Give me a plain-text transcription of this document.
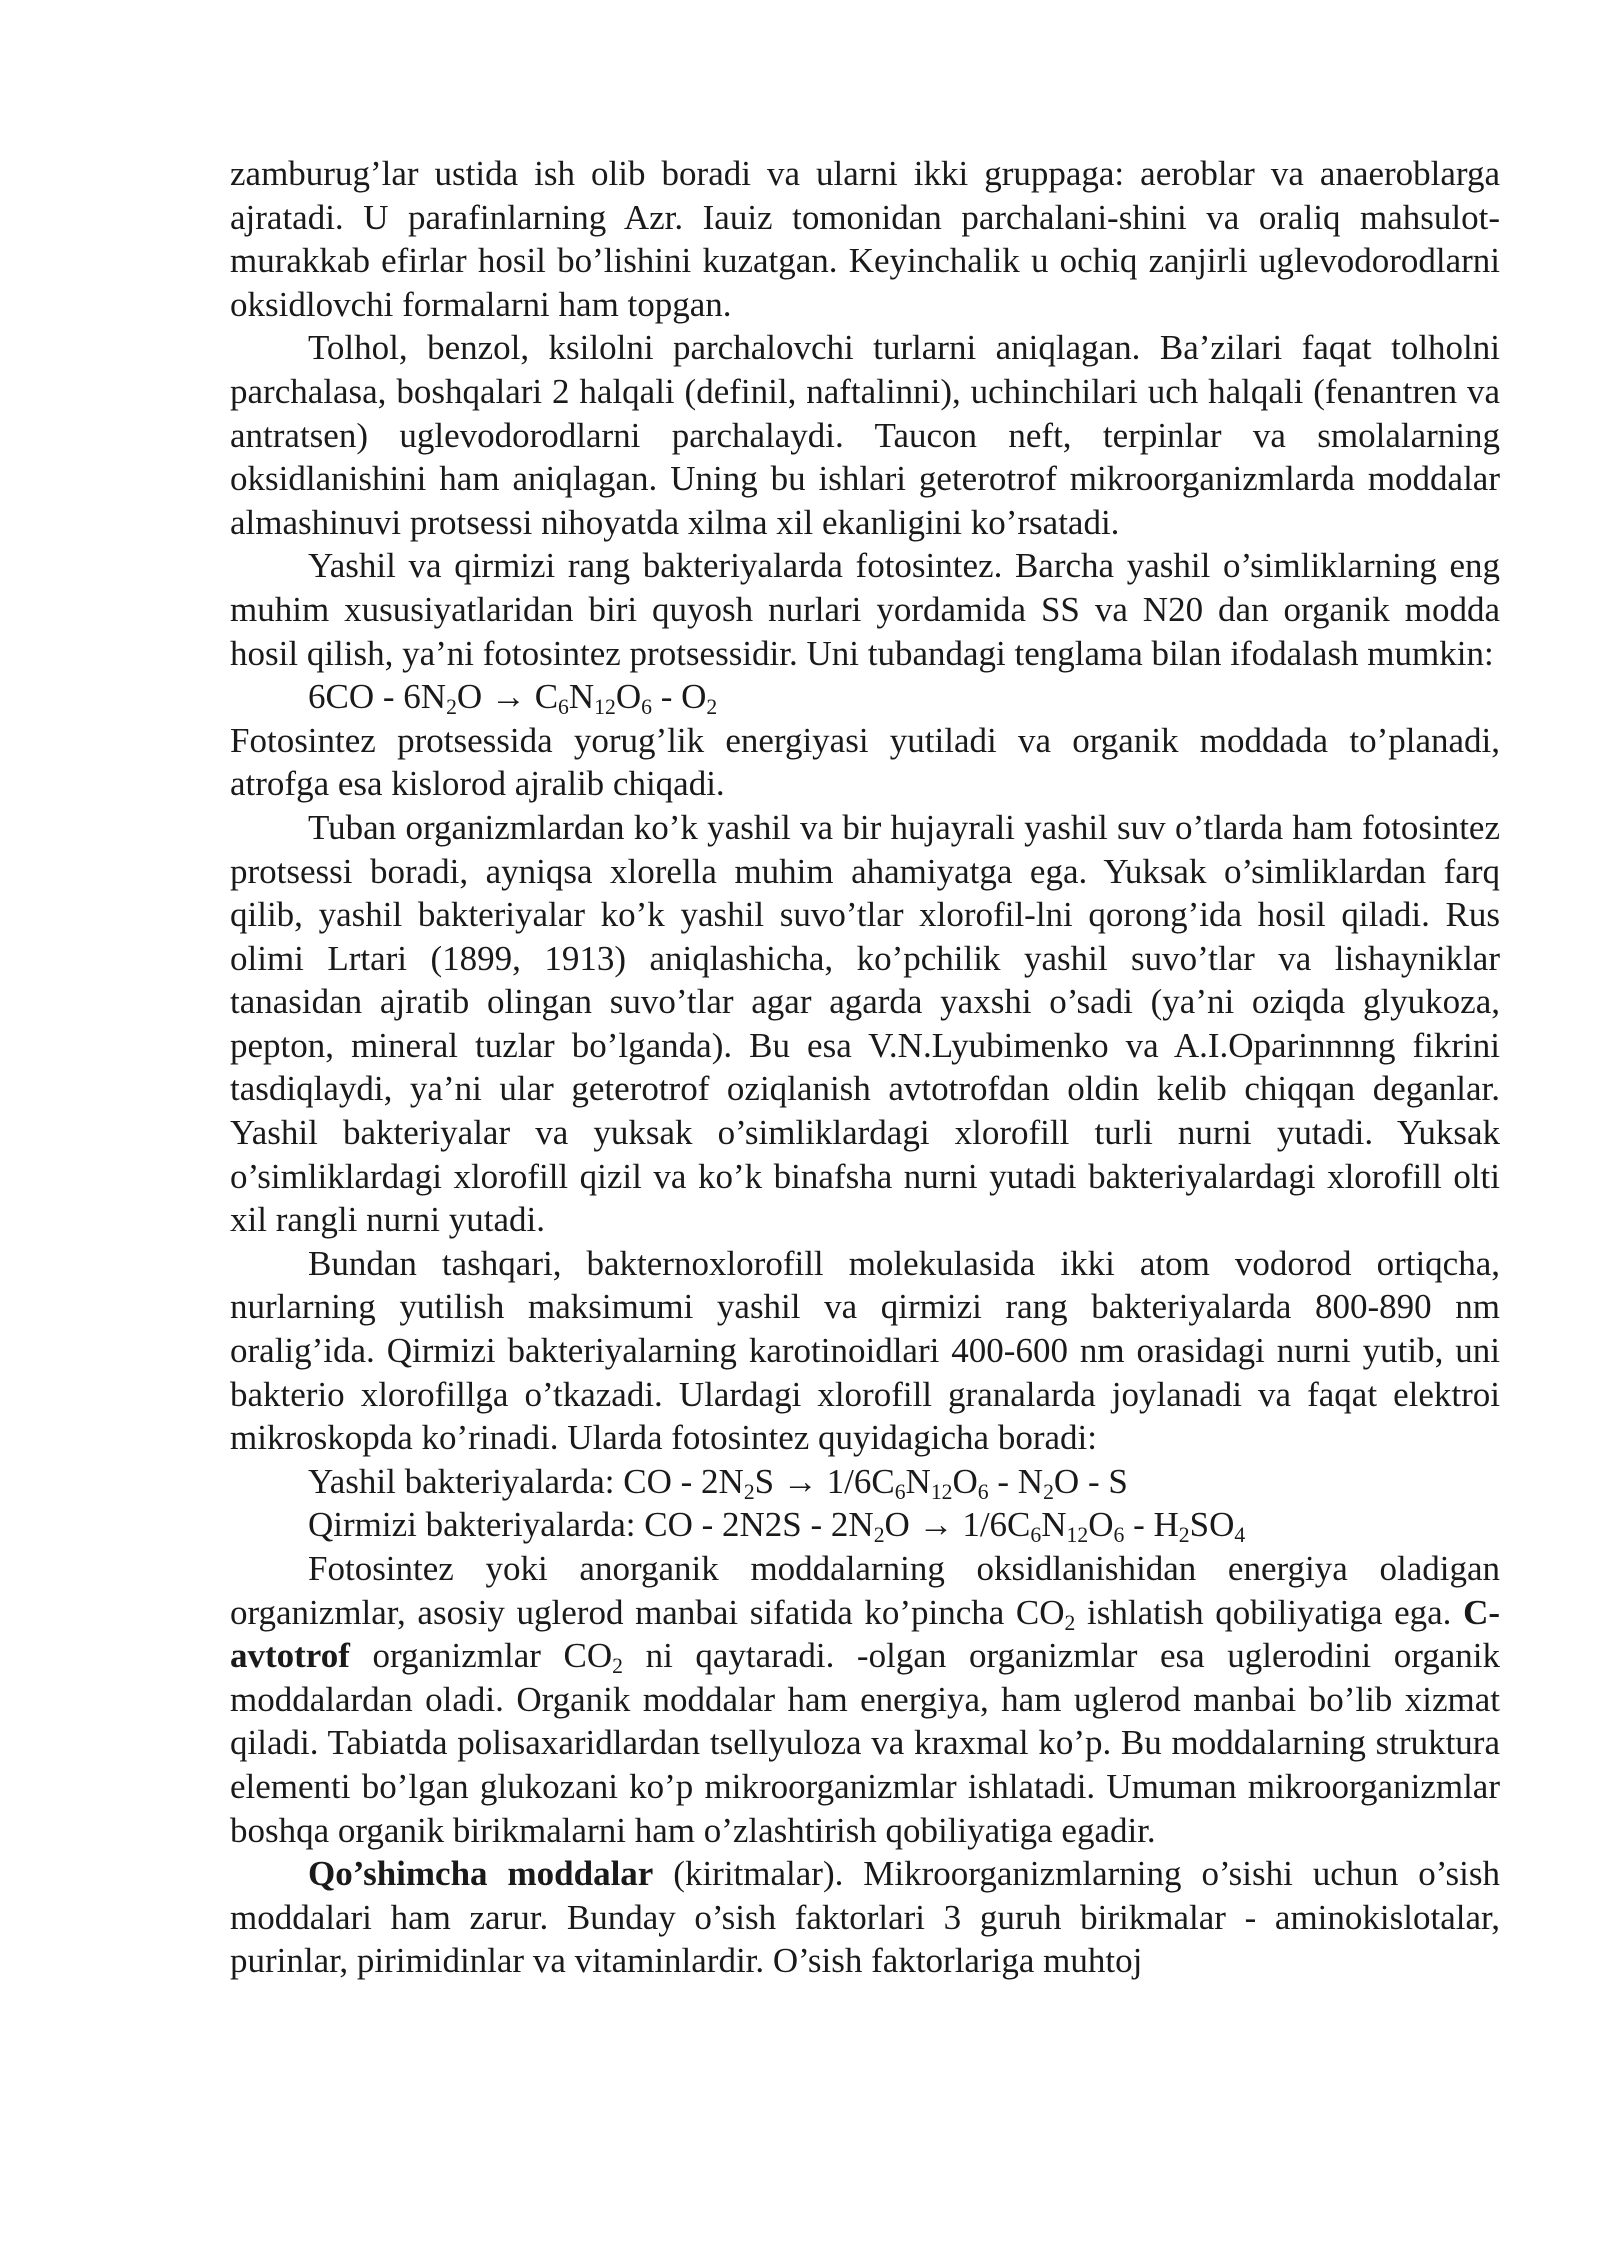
zamburug’lar ustida ish olib boradi va ularni ikki gruppaga: aeroblar va anaeroblarga ajratadi. U parafinlarning Azr. Iauiz tomonidan parchalani-shini va oraliq mahsulot-murakkab efirlar hosil bo’lishini kuzatgan. Keyinchalik u ochiq zanjirli uglevodorodlarni oksidlovchi formalarni ham topgan.

Tolhol, benzol, ksilolni parchalovchi turlarni aniqlagan. Ba’zilari faqat tolholni parchalasa, boshqalari 2 halqali (definil, naftalinni), uchinchilari uch halqali (fenantren va antratsen) uglevodorodlarni parchalaydi. Taucon neft, terpinlar va smolalarning oksidlanishini ham aniqlagan. Uning bu ishlari geterotrof mikroorganizmlarda moddalar almashinuvi protsessi nihoyatda xilma xil ekanligini ko’rsatadi.

Yashil va qirmizi rang bakteriyalarda fotosintez. Barcha yashil o’simliklarning eng muhim xususiyatlaridan biri quyosh nurlari yordamida SS va N20 dan organik modda hosil qilish, ya’ni fotosintez protsessidir. Uni tubandagi tenglama bilan ifodalash mumkin:

$6CO - 6N_2O \to C_6N_{12}O_6 - O_2$

Fotosintez protsessida yorug’lik energiyasi yutiladi va organik moddada to’planadi, atrofga esa kislorod ajralib chiqadi.

Tuban organizmlardan ko’k yashil va bir hujayrali yashil suv o’tlarda ham fotosintez protsessi boradi, ayniqsa xlorella muhim ahamiyatga ega. Yuksak o’simliklardan farq qilib, yashil bakteriyalar ko’k yashil suvo’tlar xlorofil-lni qorong’ida hosil qiladi. Rus olimi Lrtari (1899, 1913) aniqlashicha, ko’pchilik yashil suvo’tlar va lishayniklar tanasidan ajratib olingan suvo’tlar agar agarda yaxshi o’sadi (ya’ni oziqda glyukoza, pepton, mineral tuzlar bo’lganda). Bu esa V.N.Lyubimenko va A.I.Oparinnnng fikrini tasdiqlaydi, ya’ni ular geterotrof oziqlanish avtotrofdan oldin kelib chiqqan deganlar. Yashil bakteriyalar va yuksak o’simliklardagi xlorofill turli nurni yutadi. Yuksak o’simliklardagi xlorofill qizil va ko’k binafsha nurni yutadi bakteriyalardagi xlorofill olti xil rangli nurni yutadi.

Bundan tashqari, bakternoxlorofill molekulasida ikki atom vodorod ortiqcha, nurlarning yutilish maksimumi yashil va qirmizi rang bakteriyalarda 800-890 nm oralig’ida. Qirmizi bakteriyalarning karotinoidlari 400-600 nm orasidagi nurni yutib, uni bakterio xlorofillga o’tkazadi. Ulardagi xlorofill granalarda joylanadi va faqat elektroi mikroskopda ko’rinadi. Ularda fotosintez quyidagicha boradi:

Yashil bakteriyalarda: CO - $2N_2S \to 1/6C_6N_{12}O_6 - N_2O - S$

Qirmizi bakteriyalarda: CO - $2N2S - 2N_2O \to 1/6C_6N_{12}O_6 - H_2SO_4$

Fotosintez yoki anorganik moddalarning oksidlanishidan energiya oladigan organizmlar, asosiy uglerod manbai sifatida ko’pincha $CO_2$ ishlatish qobiliyatiga ega. C-avtotrof organizmlar $CO_2$ ni qaytaradi. -olgan organizmlar esa uglerodini organik moddalardan oladi. Organik moddalar ham energiya, ham uglerod manbai bo’lib xizmat qiladi. Tabiatda polisaxaridlardan tsellyuloza va kraxmal ko’p. Bu moddalarning struktura elementi bo’lgan glukozani ko’p mikroorganizmlar ishlatadi. Umuman mikroorganizmlar boshqa organik birikmalarni ham o’zlashtirish qobiliyatiga egadir.

Qo’shimcha moddalar (kiritmalar). Mikroorganizmlarning o’sishi uchun o’sish moddalari ham zarur. Bunday o’sish faktorlari 3 guruh birikmalar - aminokislotalar, purinlar, pirimidinlar va vitaminlardir. O’sish faktorlariga muhtoj
